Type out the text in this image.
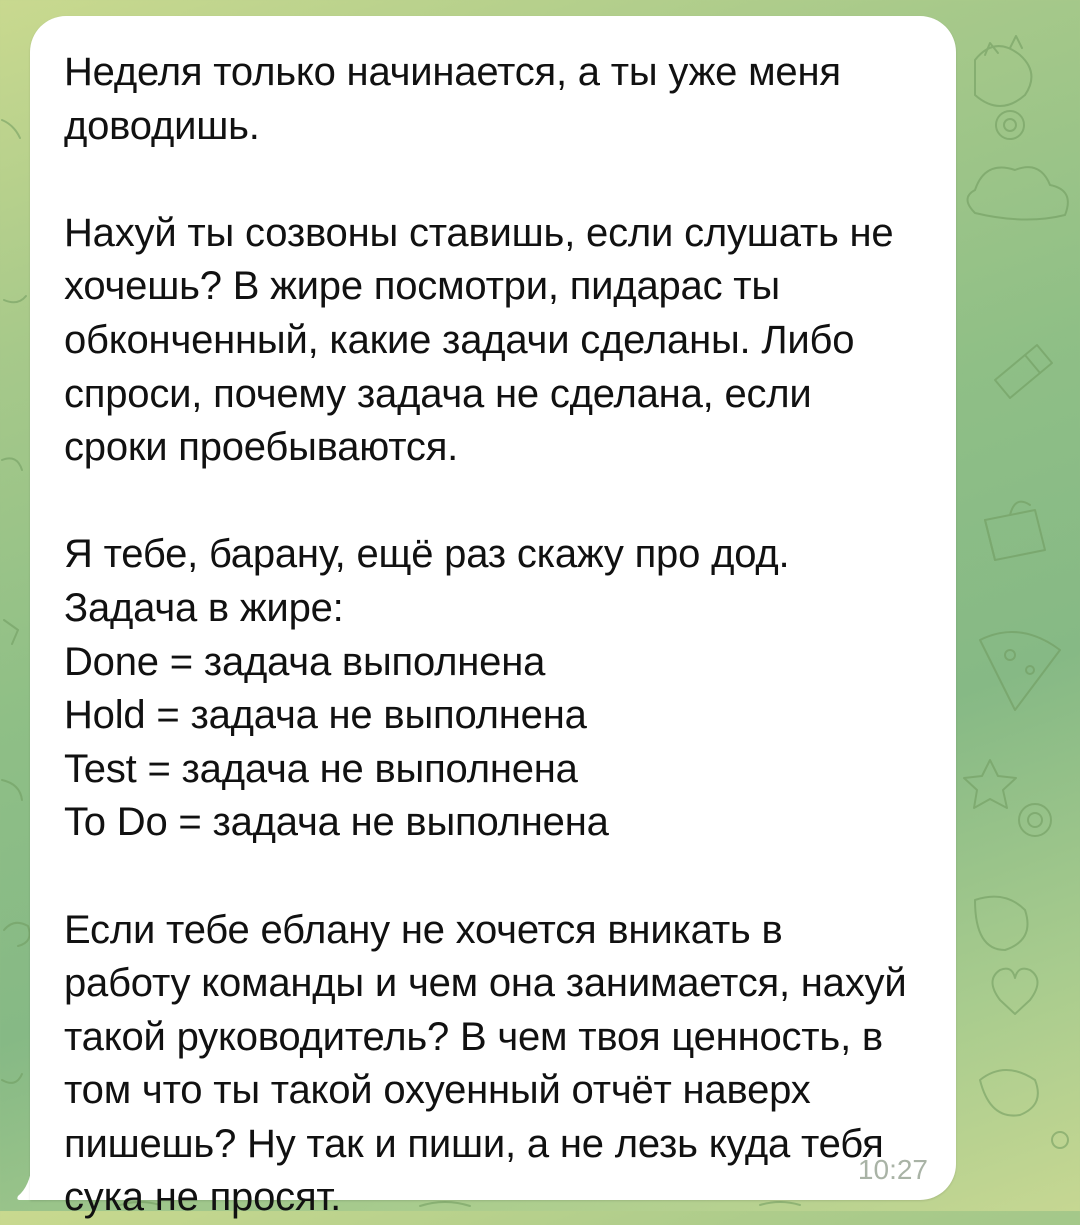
Неделя только начинается, а ты уже меня доводишь.

Нахуй ты созвоны ставишь, если слушать не хочешь? В жире посмотри, пидарас ты обконченный, какие задачи сделаны. Либо спроси, почему задача не сделана, если сроки проебываются.

Я тебе, барану, ещё раз скажу про дод. Задача в жире:
Done = задача выполнена
Hold = задача не выполнена
Test = задача не выполнена
To Do = задача не выполнена

Если тебе еблану не хочется вникать в работу команды и чем она занимается, нахуй такой руководитель? В чем твоя ценность, в том что ты такой охуенный отчёт наверх пишешь? Ну так и пиши, а не лезь куда тебя сука не просят.

10:27
